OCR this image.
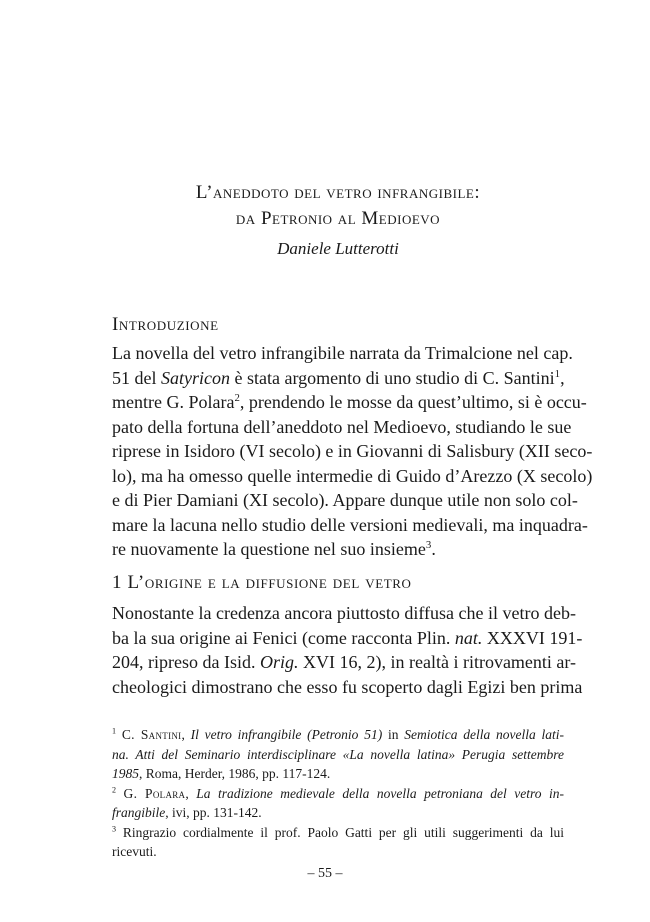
L’aneddoto del vetro infrangibile:
da Petronio al Medioevo
Daniele Lutterotti
Introduzione
La novella del vetro infrangibile narrata da Trimalcione nel cap.
51 del Satyricon è stata argomento di uno studio di C. Santini$^1$,
mentre G. Polara$^2$, prendendo le mosse da quest’ultimo, si è occu-
pato della fortuna dell’aneddoto nel Medioevo, studiando le sue
riprese in Isidoro (VI secolo) e in Giovanni di Salisbury (XII seco-
lo), ma ha omesso quelle intermedie di Guido d’Arezzo (X secolo)
e di Pier Damiani (XI secolo). Appare dunque utile non solo col-
mare la lacuna nello studio delle versioni medievali, ma inquadra-
re nuovamente la questione nel suo insieme$^3$.
1 L’origine e la diffusione del vetro
Nonostante la credenza ancora piuttosto diffusa che il vetro deb-
ba la sua origine ai Fenici (come racconta Plin. nat. XXXVI 191-
204, ripreso da Isid. Orig. XVI 16, 2), in realtà i ritrovamenti ar-
cheologici dimostrano che esso fu scoperto dagli Egizi ben prima
$^1$ C. Santini, Il vetro infrangibile (Petronio 51) in Semiotica della novella lati-
na. Atti del Seminario interdisciplinare «La novella latina» Perugia settembre
1985, Roma, Herder, 1986, pp. 117-124.
$^2$ G. Polara, La tradizione medievale della novella petroniana del vetro in-
frangibile, ivi, pp. 131-142.
$^3$ Ringrazio cordialmente il prof. Paolo Gatti per gli utili suggerimenti da lui
ricevuti.
– 55 –
